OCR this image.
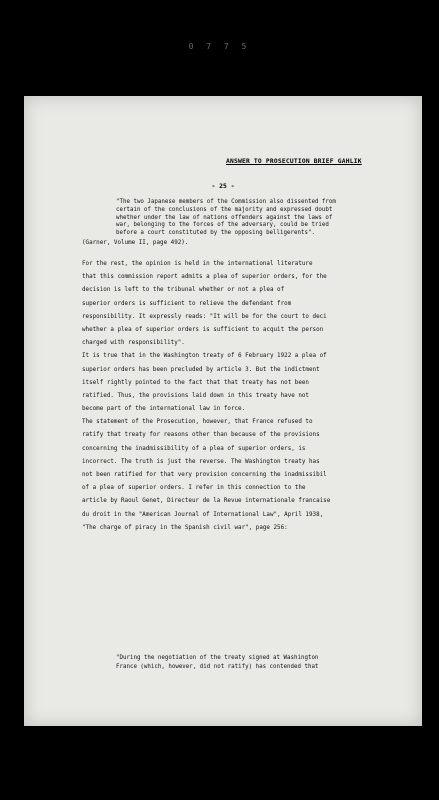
0 7 7 5
ANSWER TO PROSECUTION BRIEF GAHLIK
- 25 -

"The two Japanese members of the Commission also dissented from

certain of the conclusions of the majority and expressed doubt

whether under the law of nations offenders against the laws of

war, belonging to the forces of the adversary, could be tried

before a court constituted by the opposing belligerents".

(Garner, Volume II, page 492).
For the rest, the opinion is held in the international literature
that this commission report admits a plea of superior orders, for the
decision is left to the tribunal whether or not a plea of
superior orders is sufficient to relieve the defendant from
responsibility. It expressly reads: "It will be for the court to deci
whether a plea of superior orders is sufficient to acquit the person
charged with responsibility".
It is true that in the Washington treaty of 6 February 1922 a plea of
superior orders has been precluded by article 3. But the indictment
itself rightly pointed to the fact that that treaty has not been
ratified. Thus, the provisions laid down in this treaty have not
become part of the international law in force.
The statement of the Prosecution, however, that France refused to
ratify that treaty for reasons other than because of the provisions
concerning the inadmissibility of a plea of superior orders, is
incorrect. The truth is just the reverse. The Washington treaty has
not been ratified for that very provision concerning the inadmissibil
of a plea of superior orders. I refer in this connection to the
article by Raoul Genet, Directeur de la Revue internationale francaise
du droit in the "American Journal of International Law", April 1938,
"The charge of piracy in the Spanish civil war", page 256:

"During the negotiation of the treaty signed at Washington

France (which, however, did not ratify) has contended that
